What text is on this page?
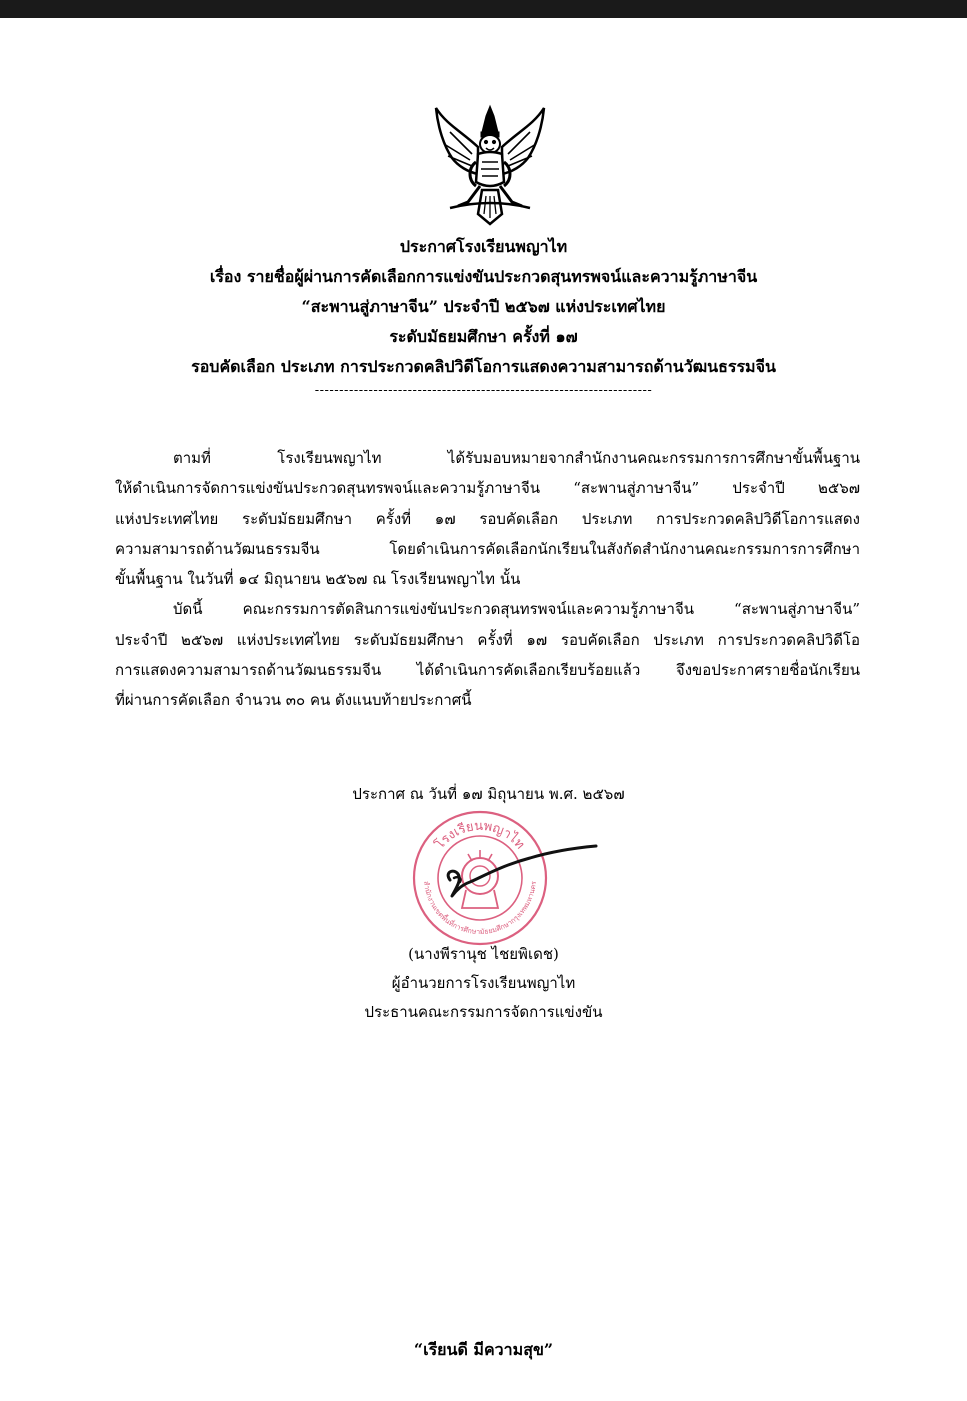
ประกาศโรงเรียนพญาไท
เรื่อง รายชื่อผู้ผ่านการคัดเลือกการแข่งขันประกวดสุนทรพจน์และความรู้ภาษาจีน
“สะพานสู่ภาษาจีน” ประจำปี ๒๕๖๗ แห่งประเทศไทย
ระดับมัธยมศึกษา ครั้งที่ ๑๗
รอบคัดเลือก ประเภท การประกวดคลิปวิดีโอการแสดงความสามารถด้านวัฒนธรรมจีน
---------------------------------------------------------------------
ตามที่ โรงเรียนพญาไท ได้รับมอบหมายจากสำนักงานคณะกรรมการการศึกษาขั้นพื้นฐาน
ให้ดำเนินการจัดการแข่งขันประกวดสุนทรพจน์และความรู้ภาษาจีน “สะพานสู่ภาษาจีน” ประจำปี ๒๕๖๗
แห่งประเทศไทย ระดับมัธยมศึกษา ครั้งที่ ๑๗ รอบคัดเลือก ประเภท การประกวดคลิปวิดีโอการแสดง
ความสามารถด้านวัฒนธรรมจีน โดยดำเนินการคัดเลือกนักเรียนในสังกัดสำนักงานคณะกรรมการการศึกษา
ขั้นพื้นฐาน ในวันที่ ๑๔ มิถุนายน ๒๕๖๗ ณ โรงเรียนพญาไท นั้น
บัดนี้ คณะกรรมการตัดสินการแข่งขันประกวดสุนทรพจน์และความรู้ภาษาจีน “สะพานสู่ภาษาจีน”
ประจำปี ๒๕๖๗ แห่งประเทศไทย ระดับมัธยมศึกษา ครั้งที่ ๑๗ รอบคัดเลือก ประเภท การประกวดคลิปวิดีโอ
การแสดงความสามารถด้านวัฒนธรรมจีน ได้ดำเนินการคัดเลือกเรียบร้อยแล้ว จึงขอประกาศรายชื่อนักเรียน
ที่ผ่านการคัดเลือก จำนวน ๓๐ คน ดังแนบท้ายประกาศนี้
ประกาศ ณ วันที่ ๑๗ มิถุนายน พ.ศ. ๒๕๖๗
โรงเรียนพญาไท
สำนักงานเขตพื้นที่การศึกษามัธยมศึกษากรุงเทพมหานคร
(นางพีรานุช ไชยพิเดช)
ผู้อำนวยการโรงเรียนพญาไท
ประธานคณะกรรมการจัดการแข่งขัน
“เรียนดี มีความสุข”
